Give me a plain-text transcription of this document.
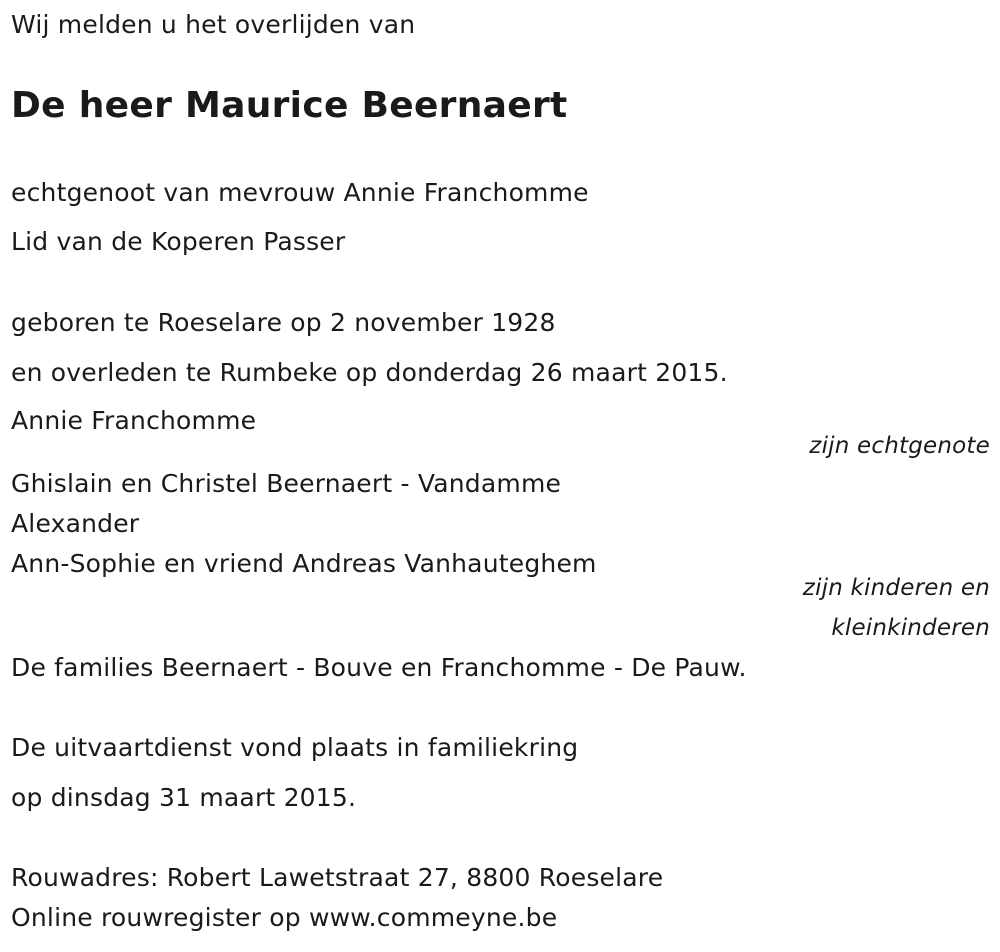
Wij melden u het overlijden van
De heer Maurice Beernaert
echtgenoot van mevrouw Annie Franchomme
Lid van de Koperen Passer
geboren te Roeselare op 2 november 1928
en overleden te Rumbeke op donderdag 26 maart 2015.
Annie Franchomme
zijn echtgenote
Ghislain en Christel Beernaert - Vandamme
Alexander
Ann-Sophie en vriend Andreas Vanhauteghem
zijn kinderen en
kleinkinderen
De families Beernaert - Bouve en Franchomme - De Pauw.
De uitvaartdienst vond plaats in familiekring
op dinsdag 31 maart 2015.
Rouwadres: Robert Lawetstraat 27, 8800 Roeselare
Online rouwregister op www.commeyne.be
